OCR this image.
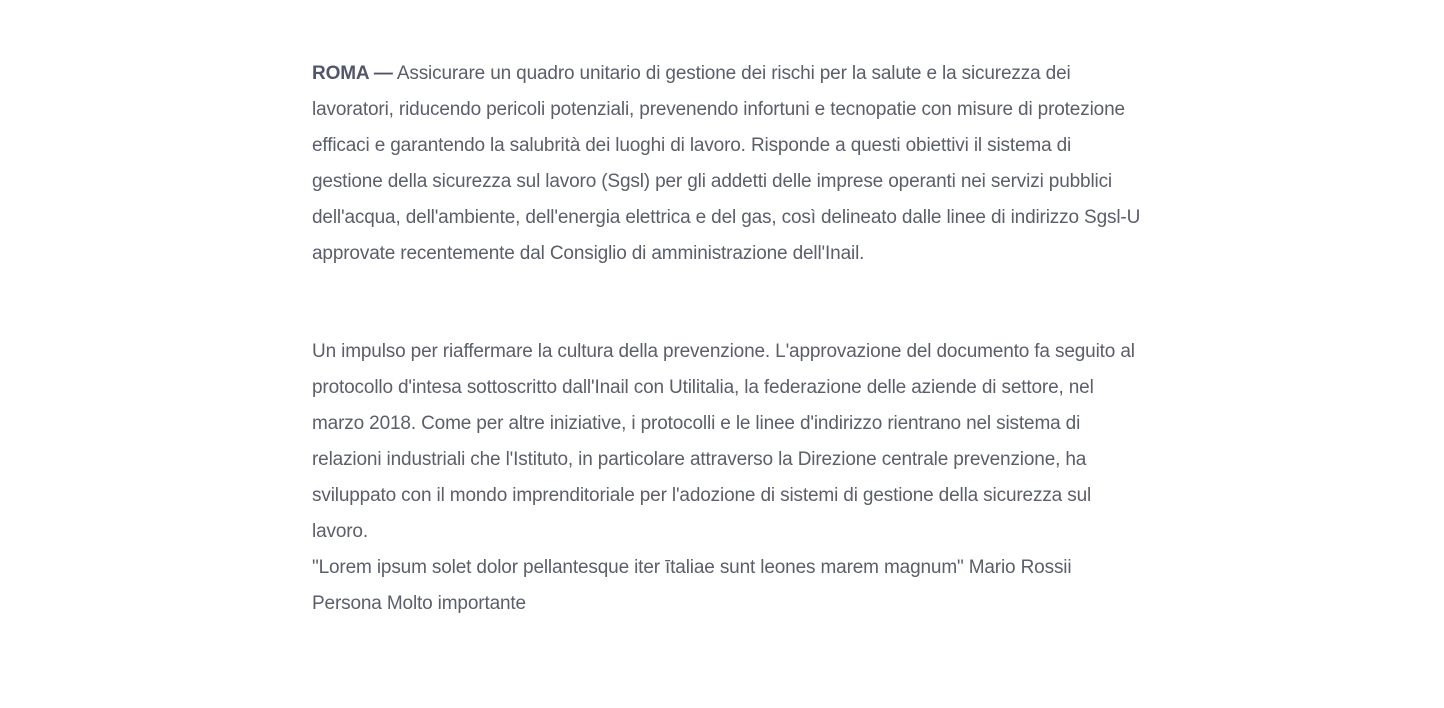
ROMA — Assicurare un quadro unitario di gestione dei rischi per la salute e la sicurezza dei lavoratori, riducendo pericoli potenziali, prevenendo infortuni e tecnopatie con misure di protezione efficaci e garantendo la salubrità dei luoghi di lavoro. Risponde a questi obiettivi il sistema di gestione della sicurezza sul lavoro (Sgsl) per gli addetti delle imprese operanti nei servizi pubblici dell'acqua, dell'ambiente, dell'energia elettrica e del gas, così delineato dalle linee di indirizzo Sgsl-U approvate recentemente dal Consiglio di amministrazione dell'Inail.

Un impulso per riaffermare la cultura della prevenzione. L'approvazione del documento fa seguito al protocollo d'intesa sottoscritto dall'Inail con Utilitalia, la federazione delle aziende di settore, nel marzo 2018. Come per altre iniziative, i protocolli e le linee d'indirizzo rientrano nel sistema di relazioni industriali che l'Istituto, in particolare attraverso la Direzione centrale prevenzione, ha sviluppato con il mondo imprenditoriale per l'adozione di sistemi di gestione della sicurezza sul lavoro.

"Lorem ipsum solet dolor pellantesque iter ītaliae sunt leones marem magnum" Mario Rossii Persona Molto importante
